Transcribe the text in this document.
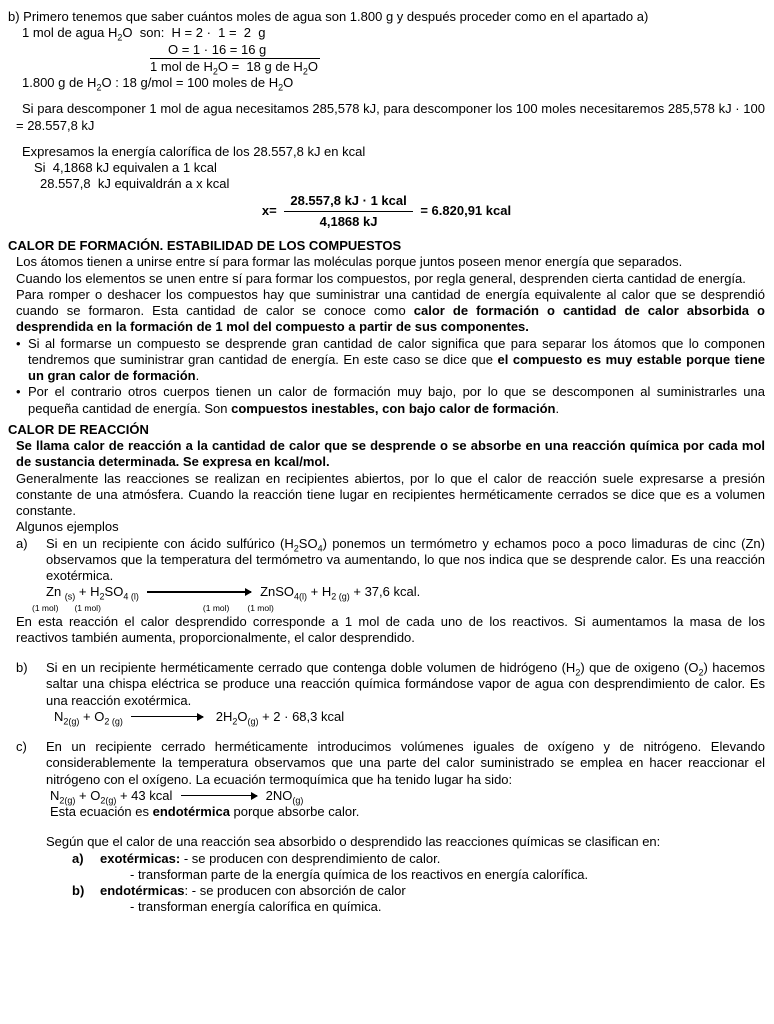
b) Primero tenemos que saber cuántos moles de agua son 1.800 g y después proceder como en el apartado a)
1 mol de agua $H_2O$  son:  H = 2 ·  1 =  2  g
O = 1 · 16 = 16 g
1 mol de $H_2O = 18$ g de $H_2O$
1.800 g de $H_2O$ : 18 g/mol = 100 moles de $H_2O$
Si para descomponer 1 mol de agua necesitamos 285,578 kJ, para descomponer los 100 moles necesitaremos 285,578 kJ · 100 = 28.557,8 kJ
Expresamos la energía calorífica de los 28.557,8 kJ en kcal
Si  4,1868 kJ equivalen a 1 kcal
28.557,8  kJ equivaldrán a x kcal
$x= \frac{\text{28.557,8 kJ · 1 kcal}}{4,1868 kJ} = 6.820,91$ kcal
CALOR DE FORMACIÓN. ESTABILIDAD DE LOS COMPUESTOS
Los átomos tienen a unirse entre sí para formar las moléculas porque juntos poseen menor energía que separados.
Cuando los elementos se unen entre sí para formar los compuestos, por regla general, desprenden cierta cantidad de energía.
Para romper o deshacer los compuestos hay que suministrar una cantidad de energía equivalente al calor que se desprendió cuando se formaron. Esta cantidad de calor se conoce como calor de formación o cantidad de calor absorbida o desprendida en la formación de 1 mol del compuesto a partir de sus componentes.
• Si al formarse un compuesto se desprende gran cantidad de calor significa que para separar los átomos que lo componen tendremos que suministrar gran cantidad de energía. En este caso se dice que el compuesto es muy estable porque tiene un gran calor de formación.
• Por el contrario otros cuerpos tienen un calor de formación muy bajo, por lo que se descomponen al suministrarles una pequeña cantidad de energía. Son compuestos inestables, con bajo calor de formación.
CALOR DE REACCIÓN
Se llama calor de reacción a la cantidad de calor que se desprende o se absorbe en una reacción química por cada mol de sustancia determinada. Se expresa en kcal/mol.
Generalmente las reacciones se realizan en recipientes abiertos, por lo que el calor de reacción suele expresarse a presión constante de una atmósfera. Cuando la reacción tiene lugar en recipientes herméticamente cerrados se dice que es a volumen constante.
Algunos ejemplos
a) Si en un recipiente con ácido sulfúrico $(H_2SO_4)$ ponemos un termómetro y echamos poco a poco limaduras de cinc (Zn) observamos que la temperatura del termómetro va aumentando, lo que nos indica que se desprende calor. Es una reacción exotérmica.
Zn $_{(s)} + H_2SO_{4 (l)}$	ZnSO$_{4(l)}$ + $H_{2 (g)} + 37,6$ kcal.
(1 mol) (1 mol)	(1 mol) (1 mol)
En esta reacción el calor desprendido corresponde a 1 mol de cada uno de los reactivos. Si aumentamos la masa de los reactivos también aumenta, proporcionalmente, el calor desprendido.
b) Si en un recipiente herméticamente cerrado que contenga doble volumen de hidrógeno $(H_2)$ que de oxigeno $(O_2)$ hacemos saltar una chispa eléctrica se produce una reacción química formándose vapor de agua con desprendimiento de calor. Es una reacción exotérmica.
$N_{2(g)} + O_{2 (g)}$	$2H_2O_{(g)} + 2 \cdot 68,3$ kcal
c) En un recipiente cerrado herméticamente introducimos volúmenes iguales de oxígeno y de nitrógeno. Elevando considerablemente la temperatura observamos que una parte del calor suministrado se emplea en hacer reaccionar el nitrógeno con el oxígeno. La ecuación termoquímica que ha tenido lugar ha sido:
$N_{2(g)} + O_{2(g)} + 43$ kcal	$2NO_{(g)}$
Esta ecuación es endotérmica porque absorbe calor.
Según que el calor de una reacción sea absorbido o desprendido las reacciones químicas se clasifican en:
a) exotérmicas: - se producen con desprendimiento de calor.
- transforman parte de la energía química de los reactivos en energía calorífica.
b) endotérmicas: - se producen con absorción de calor
- transforman energía calorífica en química.
